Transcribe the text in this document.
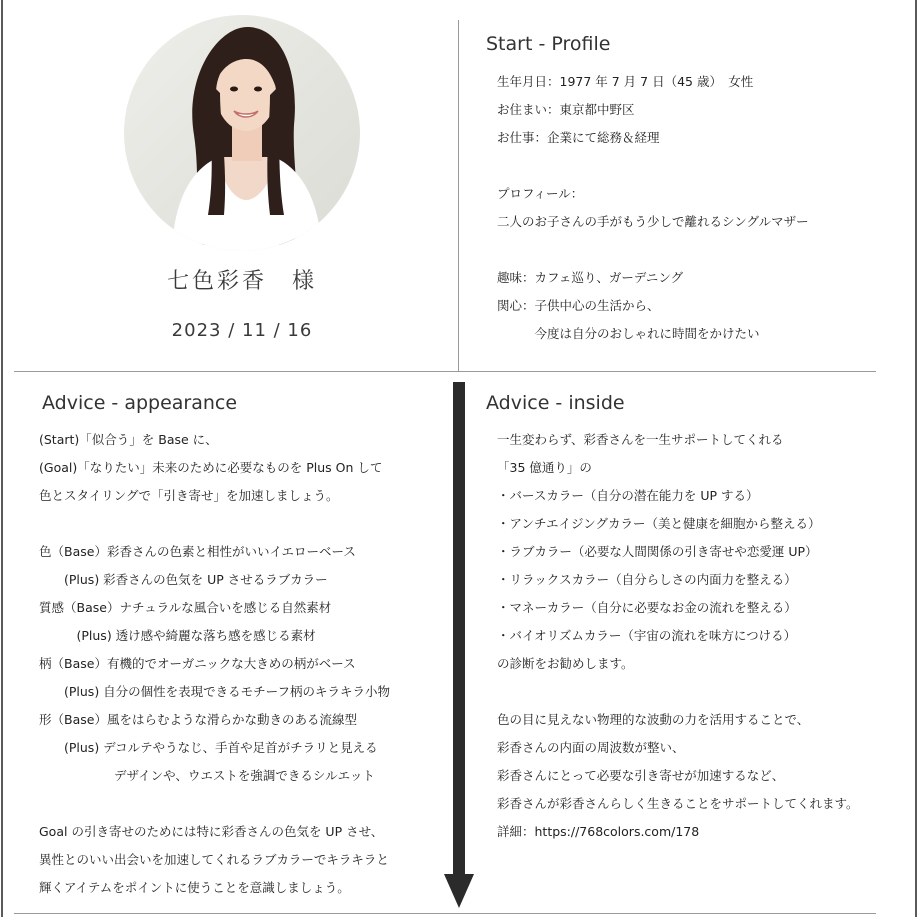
七色彩香　様
2023 / 11 / 16
Start - Profile
生年月日：1977 年 7 月 7 日（45 歳）　女性
お住まい：東京都中野区
お仕事：企業にて総務＆経理
プロフィール：
二人のお子さんの手がもう少しで離れるシングルマザー
趣味：カフェ巡り、ガーデニング
関心：子供中心の生活から、
　　　今度は自分のおしゃれに時間をかけたい
Advice - appearance
(Start)「似合う」を Base に、
(Goal)「なりたい」未来のために必要なものを Plus On して
色とスタイリングで「引き寄せ」を加速しましょう。
色（Base）彩香さんの色素と相性がいいイエローベース
　　(Plus) 彩香さんの色気を UP させるラブカラー
質感（Base）ナチュラルな風合いを感じる自然素材
　　　(Plus) 透け感や綺麗な落ち感を感じる素材
柄（Base）有機的でオーガニックな大きめの柄がベース
　　(Plus) 自分の個性を表現できるモチーフ柄のキラキラ小物
形（Base）風をはらむような滑らかな動きのある流線型
　　(Plus) デコルテやうなじ、手首や足首がチラリと見える
　　　　　　デザインや、ウエストを強調できるシルエット
Goal の引き寄せのためには特に彩香さんの色気を UP させ、
異性とのいい出会いを加速してくれるラブカラーでキラキラと
輝くアイテムをポイントに使うことを意識しましょう。
Advice - inside
一生変わらず、彩香さんを一生サポートしてくれる
「35 億通り」の
・バースカラー（自分の潜在能力を UP する）
・アンチエイジングカラー（美と健康を細胞から整える）
・ラブカラー（必要な人間関係の引き寄せや恋愛運 UP）
・リラックスカラー（自分らしさの内面力を整える）
・マネーカラー（自分に必要なお金の流れを整える）
・バイオリズムカラー（宇宙の流れを味方につける）
の診断をお勧めします。
色の目に見えない物理的な波動の力を活用することで、
彩香さんの内面の周波数が整い、
彩香さんにとって必要な引き寄せが加速するなど、
彩香さんが彩香さんらしく生きることをサポートしてくれます。
詳細：https://768colors.com/178
